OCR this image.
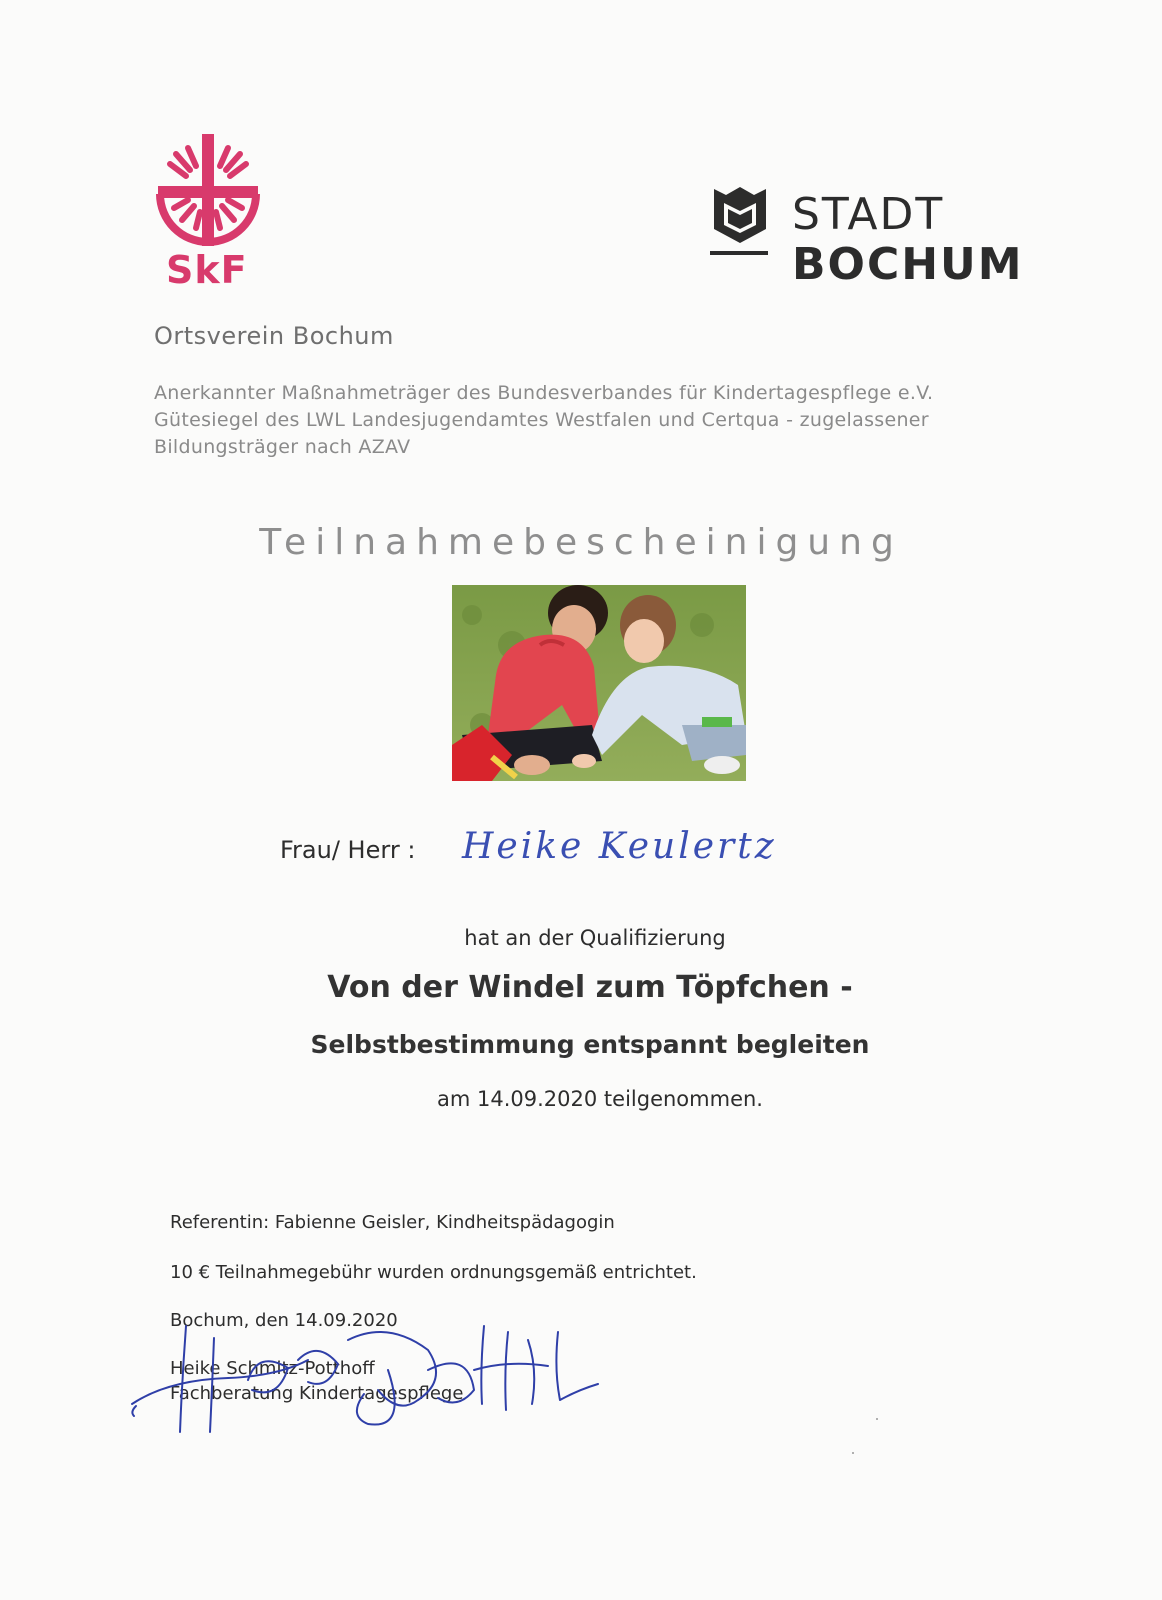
SkF
STADT
BOCHUM
Ortsverein Bochum
Anerkannter Maßnahmeträger des Bundesverbandes für Kindertagespflege e.V.
Gütesiegel des LWL Landesjugendamtes Westfalen und Certqua - zugelassener
Bildungsträger nach AZAV
Teilnahmebescheinigung
Frau/ Herr : Heike Keulertz
hat an der Qualifizierung
Von der Windel zum Töpfchen -
Selbstbestimmung entspannt begleiten
am 14.09.2020 teilgenommen.
Referentin: Fabienne Geisler, Kindheitspädagogin
10 € Teilnahmegebühr wurden ordnungsgemäß entrichtet.
Bochum, den 14.09.2020
Heike Schmitz-Potthoff
Fachberatung Kindertagespflege
